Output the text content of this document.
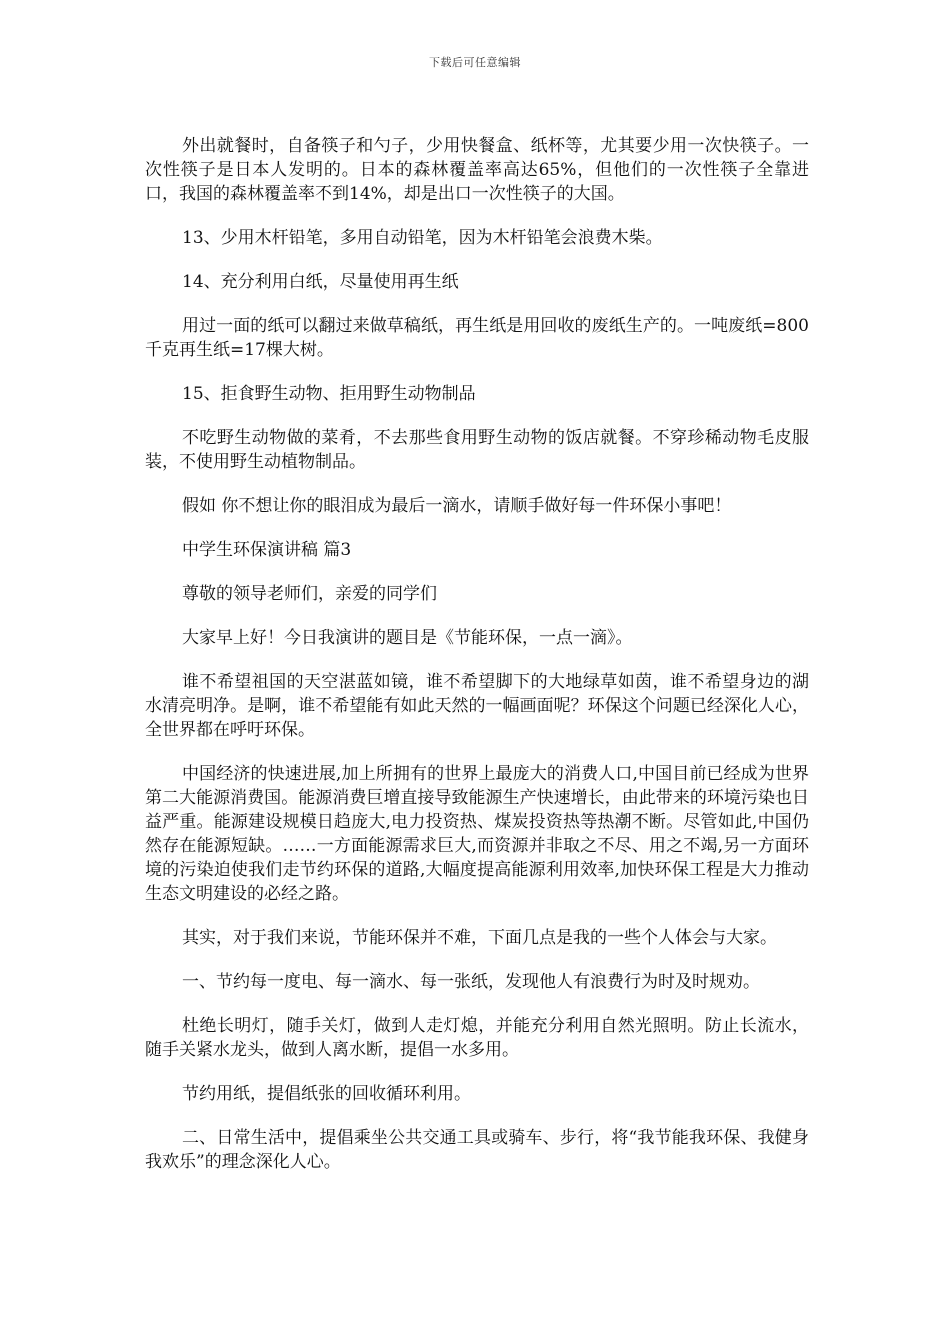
下载后可任意编辑

外出就餐时，自备筷子和勺子，少用快餐盒、纸杯等，尤其要少用一次快筷子。一次性筷子是日本人发明的。日本的森林覆盖率高达65%，但他们的一次性筷子全靠进口，我国的森林覆盖率不到14%，却是出口一次性筷子的大国。

13、少用木杆铅笔，多用自动铅笔，因为木杆铅笔会浪费木柴。

14、充分利用白纸，尽量使用再生纸

用过一面的纸可以翻过来做草稿纸，再生纸是用回收的废纸生产的。一吨废纸=800千克再生纸=17棵大树。

15、拒食野生动物、拒用野生动物制品

不吃野生动物做的菜肴，不去那些食用野生动物的饭店就餐。不穿珍稀动物毛皮服装，不使用野生动植物制品。

假如 你不想让你的眼泪成为最后一滴水，请顺手做好每一件环保小事吧！

中学生环保演讲稿 篇3

尊敬的领导老师们，亲爱的同学们

大家早上好！今日我演讲的题目是《节能环保，一点一滴》。

谁不希望祖国的天空湛蓝如镜，谁不希望脚下的大地绿草如茵，谁不希望身边的湖水清亮明净。是啊，谁不希望能有如此天然的一幅画面呢？环保这个问题已经深化人心，全世界都在呼吁环保。

中国经济的快速进展,加上所拥有的世界上最庞大的消费人口,中国目前已经成为世界第二大能源消费国。能源消费巨增直接导致能源生产快速增长，由此带来的环境污染也日益严重。能源建设规模日趋庞大,电力投资热、煤炭投资热等热潮不断。尽管如此,中国仍然存在能源短缺。……一方面能源需求巨大,而资源并非取之不尽、用之不竭,另一方面环境的污染迫使我们走节约环保的道路,大幅度提高能源利用效率,加快环保工程是大力推动生态文明建设的必经之路。

其实，对于我们来说，节能环保并不难，下面几点是我的一些个人体会与大家。

一、节约每一度电、每一滴水、每一张纸，发现他人有浪费行为时及时规劝。

杜绝长明灯，随手关灯，做到人走灯熄，并能充分利用自然光照明。防止长流水，随手关紧水龙头，做到人离水断，提倡一水多用。

节约用纸，提倡纸张的回收循环利用。

二、日常生活中，提倡乘坐公共交通工具或骑车、步行，将“我节能我环保、我健身我欢乐”的理念深化人心。
